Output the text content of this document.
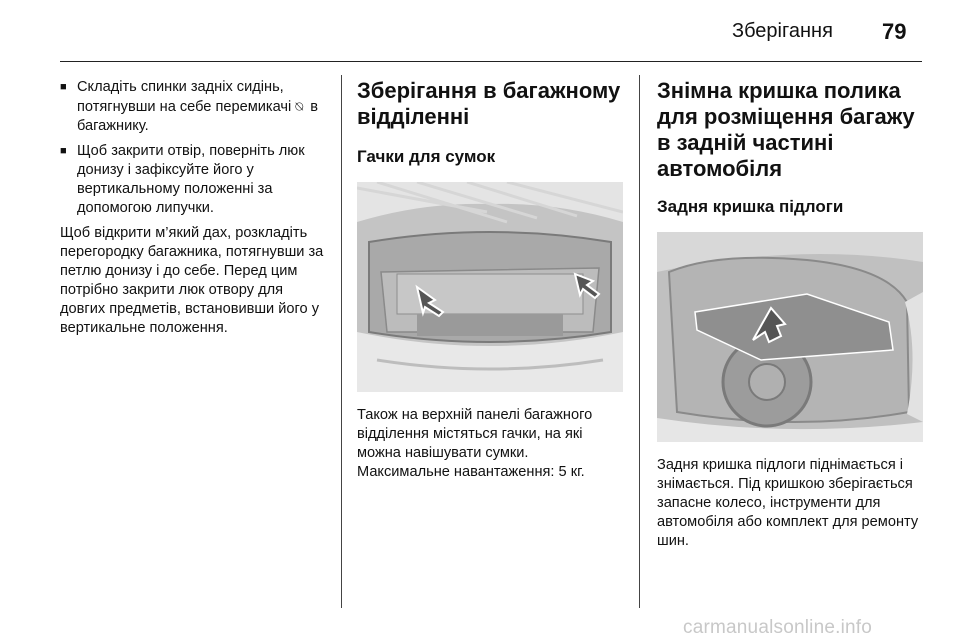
Зберігання 79
■ Складіть спинки задніх сидінь, потягнувши на себе перемикачі ⍉ в багажнику.
■ Щоб закрити отвір, поверніть люк донизу і зафіксуйте його у вертикальному положенні за допомогою липучки.

Щоб відкрити м’який дах, розкладіть перегородку багажника, потягнувши за петлю донизу і до себе. Перед цим потрібно закрити люк отвору для довгих предметів, встановивши його у вертикальне положення.

Зберігання в багажному відділенні
Гачки для сумок

Також на верхній панелі багажного відділення містяться гачки, на які можна навішувати сумки. Максимальне навантаження: 5 кг.

Знімна кришка полика для розміщення багажу в задній частині автомобіля
Задня кришка підлоги

Задня кришка підлоги піднімається і знімається. Під кришкою зберігається запасне колесо, інструменти для автомобіля або комплект для ремонту шин.

carmanualsonline.info
